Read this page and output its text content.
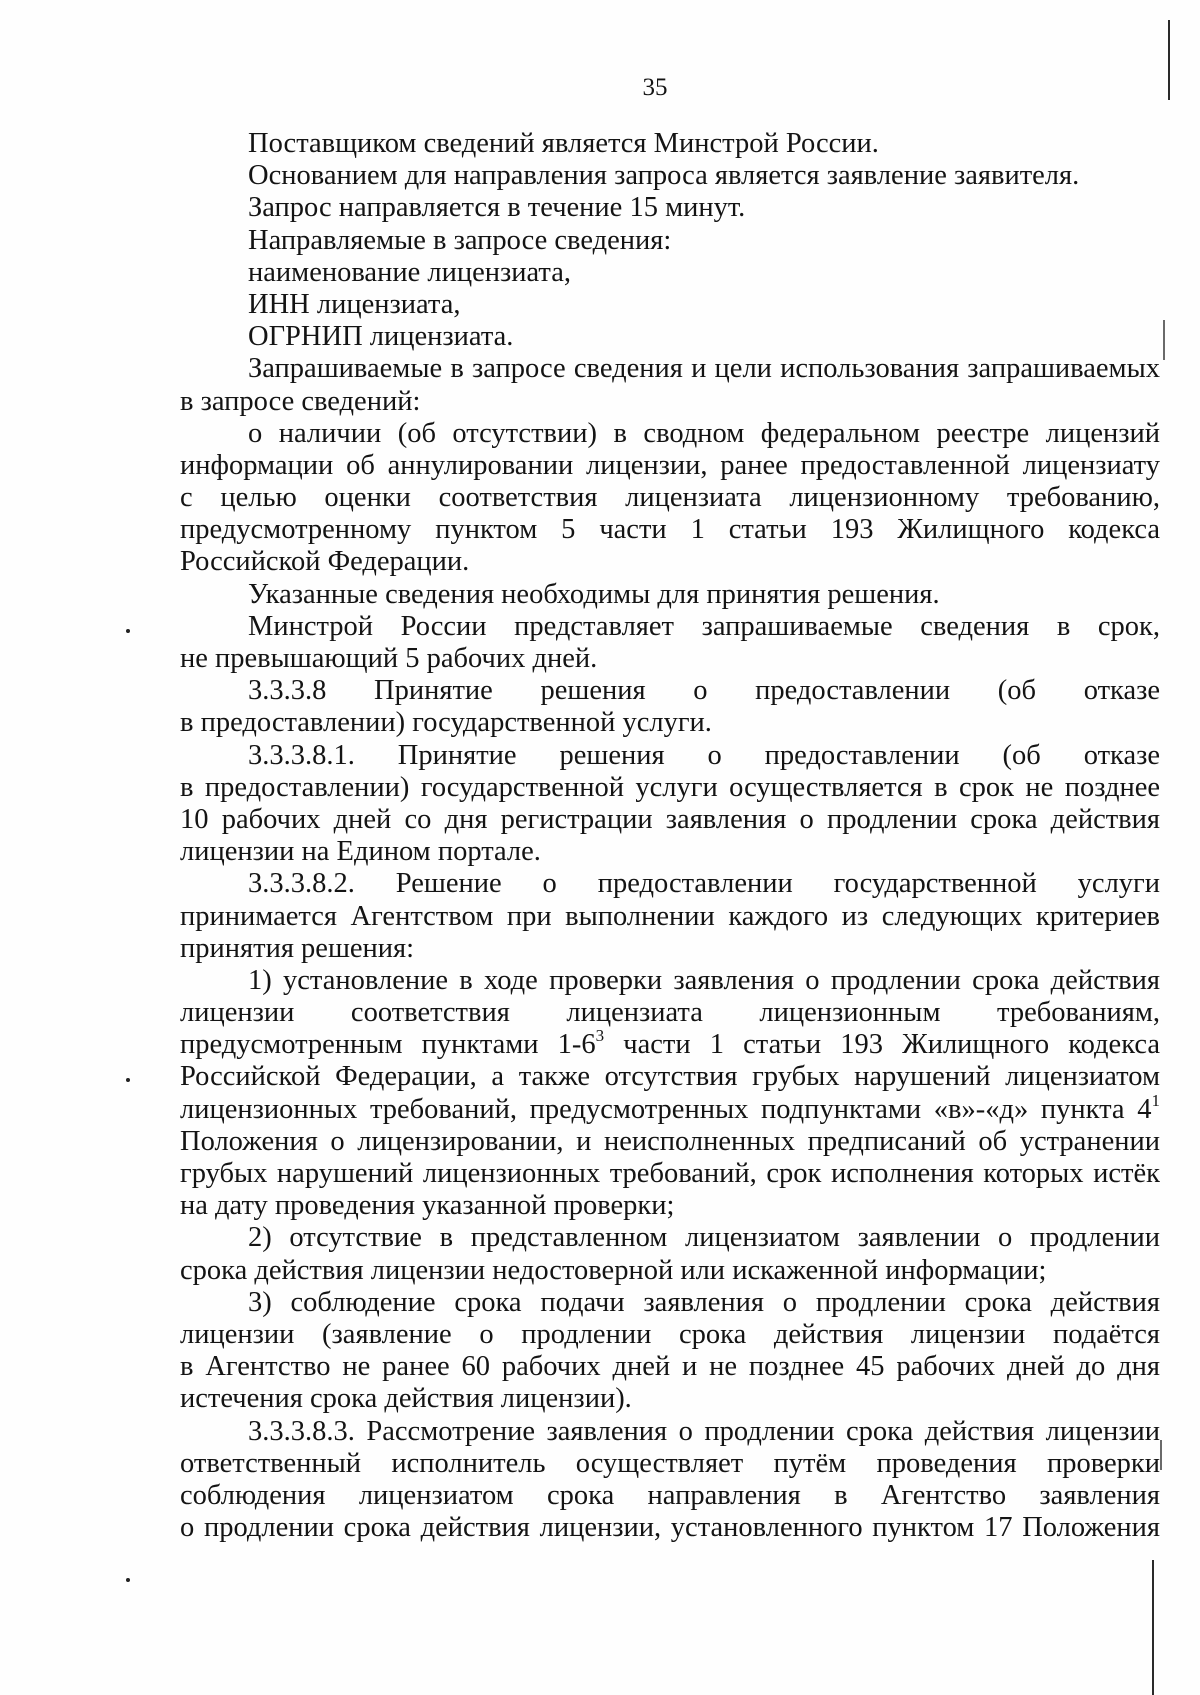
35
Поставщиком сведений является Минстрой России.
Основанием для направления запроса является заявление заявителя.
Запрос направляется в течение 15 минут.
Направляемые в запросе сведения:
наименование лицензиата,
ИНН лицензиата,
ОГРНИП лицензиата.
Запрашиваемые в запросе сведения и цели использования запрашиваемых
в запросе сведений:
о наличии (об отсутствии) в сводном федеральном реестре лицензий
информации об аннулировании лицензии, ранее предоставленной лицензиату
с целью оценки соответствия лицензиата лицензионному требованию,
предусмотренному пунктом 5 части 1 статьи 193 Жилищного кодекса
Российской Федерации.
Указанные сведения необходимы для принятия решения.
Минстрой России представляет запрашиваемые сведения в срок,
не превышающий 5 рабочих дней.
3.3.3.8 Принятие решения о предоставлении (об отказе
в предоставлении) государственной услуги.
3.3.3.8.1. Принятие решения о предоставлении (об отказе
в предоставлении) государственной услуги осуществляется в срок не позднее
10 рабочих дней со дня регистрации заявления о продлении срока действия
лицензии на Едином портале.
3.3.3.8.2. Решение о предоставлении государственной услуги
принимается Агентством при выполнении каждого из следующих критериев
принятия решения:
1) установление в ходе проверки заявления о продлении срока действия
лицензии соответствия лицензиата лицензионным требованиям,
предусмотренным пунктами $1-6^3$ части 1 статьи 193 Жилищного кодекса
Российской Федерации, а также отсутствия грубых нарушений лицензиатом
лицензионных требований, предусмотренных подпунктами «в»-«д» пункта $4^1$
Положения о лицензировании, и неисполненных предписаний об устранении
грубых нарушений лицензионных требований, срок исполнения которых истёк
на дату проведения указанной проверки;
2) отсутствие в представленном лицензиатом заявлении о продлении
срока действия лицензии недостоверной или искаженной информации;
3) соблюдение срока подачи заявления о продлении срока действия
лицензии (заявление о продлении срока действия лицензии подаётся
в Агентство не ранее 60 рабочих дней и не позднее 45 рабочих дней до дня
истечения срока действия лицензии).
3.3.3.8.3. Рассмотрение заявления о продлении срока действия лицензии
ответственный исполнитель осуществляет путём проведения проверки
соблюдения лицензиатом срока направления в Агентство заявления
о продлении срока действия лицензии, установленного пунктом 17 Положения
